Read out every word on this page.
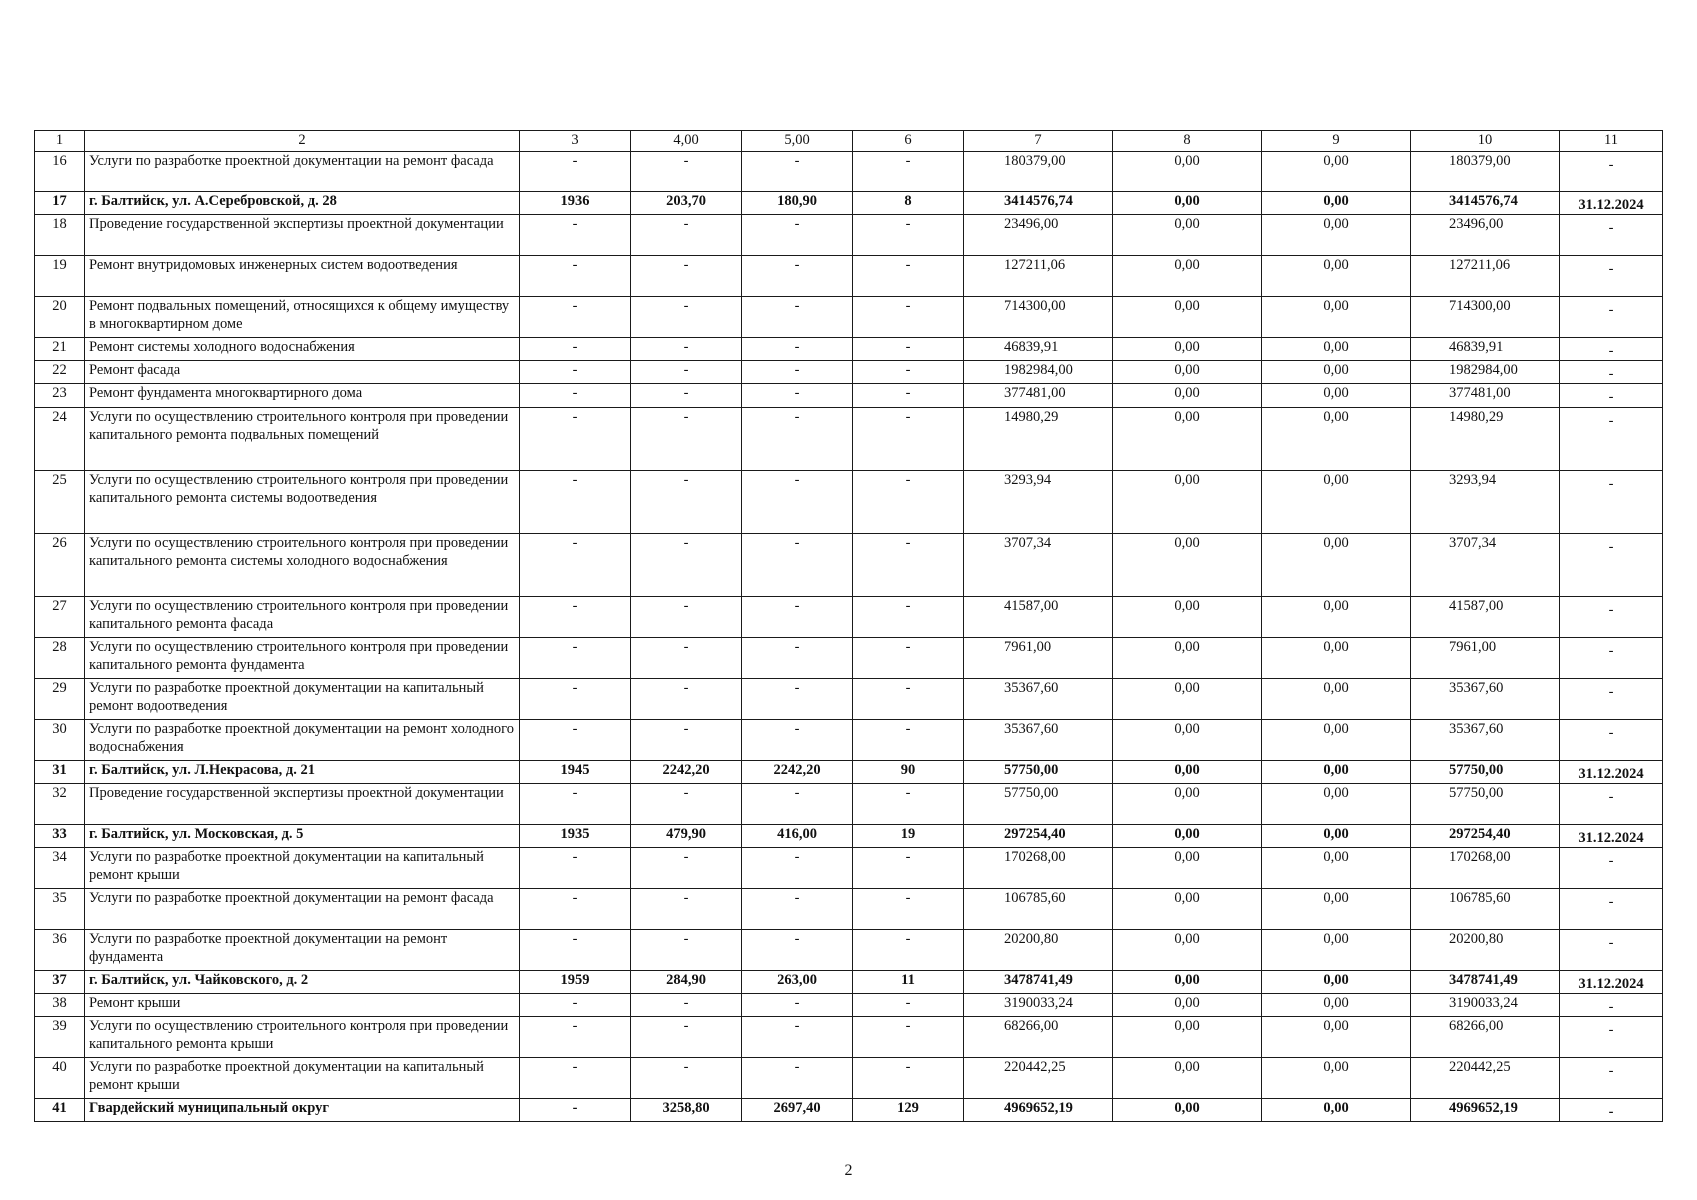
1	2	3	4,00	5,00	6	7	8	9	10	11
16	Услуги по разработке проектной документации на ремонт фасада	-	-	-	-	180379,00	0,00	0,00	180379,00	-
17	г. Балтийск, ул. А.Серебровской, д. 28	1936	203,70	180,90	8	3414576,74	0,00	0,00	3414576,74	31.12.2024
18	Проведение государственной экспертизы проектной документации	-	-	-	-	23496,00	0,00	0,00	23496,00	-
19	Ремонт внутридомовых инженерных систем водоотведения	-	-	-	-	127211,06	0,00	0,00	127211,06	-
20	Ремонт подвальных помещений, относящихся к общему имуществу в многоквартирном доме	-	-	-	-	714300,00	0,00	0,00	714300,00	-
21	Ремонт системы холодного водоснабжения	-	-	-	-	46839,91	0,00	0,00	46839,91	-
22	Ремонт фасада	-	-	-	-	1982984,00	0,00	0,00	1982984,00	-
23	Ремонт фундамента многоквартирного дома	-	-	-	-	377481,00	0,00	0,00	377481,00	-
24	Услуги по осуществлению строительного контроля при проведении капитального ремонта подвальных помещений	-	-	-	-	14980,29	0,00	0,00	14980,29	-
25	Услуги по осуществлению строительного контроля при проведении капитального ремонта системы водоотведения	-	-	-	-	3293,94	0,00	0,00	3293,94	-
26	Услуги по осуществлению строительного контроля при проведении капитального ремонта системы холодного водоснабжения	-	-	-	-	3707,34	0,00	0,00	3707,34	-
27	Услуги по осуществлению строительного контроля при проведении капитального ремонта фасада	-	-	-	-	41587,00	0,00	0,00	41587,00	-
28	Услуги по осуществлению строительного контроля при проведении капитального ремонта фундамента	-	-	-	-	7961,00	0,00	0,00	7961,00	-
29	Услуги по разработке проектной документации на капитальный ремонт водоотведения	-	-	-	-	35367,60	0,00	0,00	35367,60	-
30	Услуги по разработке проектной документации на ремонт холодного водоснабжения	-	-	-	-	35367,60	0,00	0,00	35367,60	-
31	г. Балтийск, ул. Л.Некрасова, д. 21	1945	2242,20	2242,20	90	57750,00	0,00	0,00	57750,00	31.12.2024
32	Проведение государственной экспертизы проектной документации	-	-	-	-	57750,00	0,00	0,00	57750,00	-
33	г. Балтийск, ул. Московская, д. 5	1935	479,90	416,00	19	297254,40	0,00	0,00	297254,40	31.12.2024
34	Услуги по разработке проектной документации на капитальный ремонт крыши	-	-	-	-	170268,00	0,00	0,00	170268,00	-
35	Услуги по разработке проектной документации на ремонт фасада	-	-	-	-	106785,60	0,00	0,00	106785,60	-
36	Услуги по разработке проектной документации на ремонт фундамента	-	-	-	-	20200,80	0,00	0,00	20200,80	-
37	г. Балтийск, ул. Чайковского, д. 2	1959	284,90	263,00	11	3478741,49	0,00	0,00	3478741,49	31.12.2024
38	Ремонт крыши	-	-	-	-	3190033,24	0,00	0,00	3190033,24	-
39	Услуги по осуществлению строительного контроля при проведении капитального ремонта крыши	-	-	-	-	68266,00	0,00	0,00	68266,00	-
40	Услуги по разработке проектной документации на капитальный ремонт крыши	-	-	-	-	220442,25	0,00	0,00	220442,25	-
41	Гвардейский муниципальный округ	-	3258,80	2697,40	129	4969652,19	0,00	0,00	4969652,19	-
2
